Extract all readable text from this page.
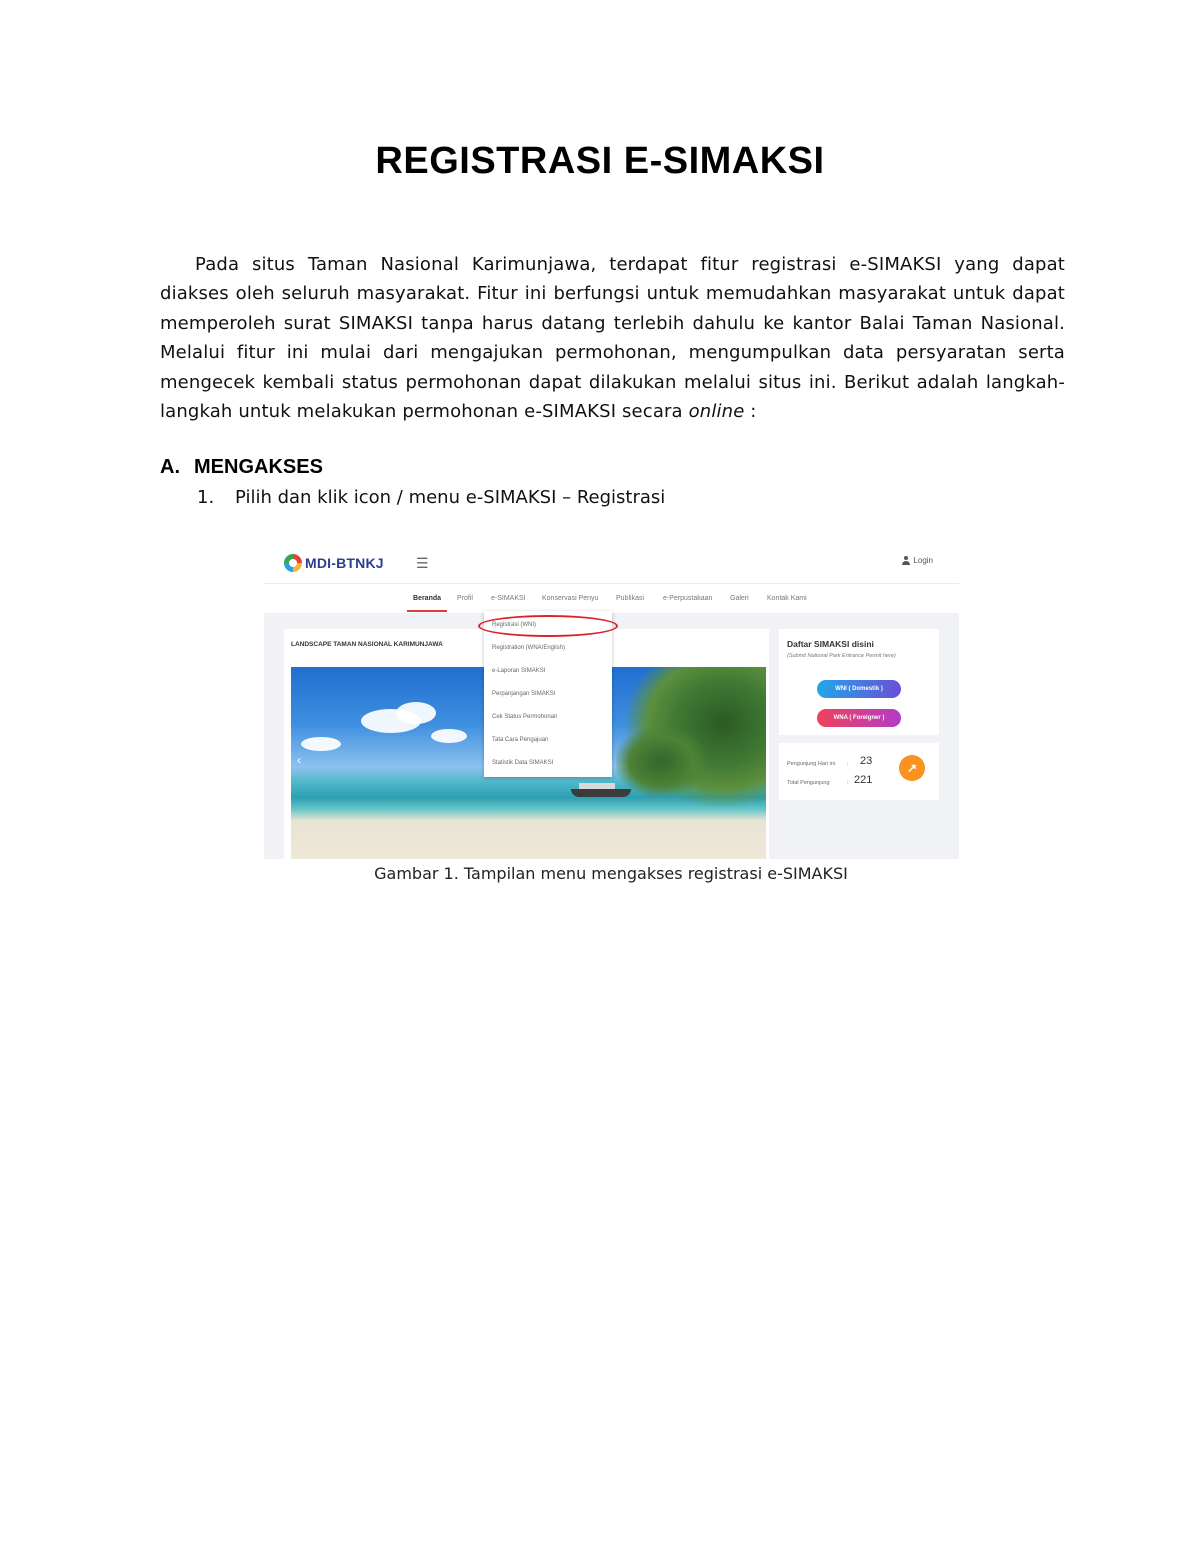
REGISTRASI E-SIMAKSI

Pada situs Taman Nasional Karimunjawa, terdapat fitur registrasi e-SIMAKSI yang dapat diakses oleh seluruh masyarakat. Fitur ini berfungsi untuk memudahkan masyarakat untuk dapat memperoleh surat SIMAKSI tanpa harus datang terlebih dahulu ke kantor Balai Taman Nasional. Melalui fitur ini mulai dari mengajukan permohonan, mengumpulkan data persyaratan serta mengecek kembali status permohonan dapat dilakukan melalui situs ini. Berikut adalah langkah-langkah untuk melakukan permohonan e-SIMAKSI secara online :

A. MENGAKSES
1. Pilih dan klik icon / menu e-SIMAKSI – Registrasi
MDI-BTNKJ ☰	Login
Beranda Profil	e-SIMAKSI Konservasi Penyu	Publikasi	e-Perpustakaan	Galeri	Kontak Kami
LANDSCAPE TAMAN NASIONAL KARIMUNJAWA
‹
Registrasi (WNI)
Registration (WNA/English)
e-Laporan SIMAKSI
Perpanjangan SIMAKSI
Cek Status Permohonan
Tata Cara Pengajuan
Statistik Data SIMAKSI
Daftar SIMAKSI disini
(Submit National Park Entrance Permit here)
WNI ( Domestik )
WNA ( Foreigner )
Pengunjung Hari ini : 23
Total Pengunjung	: 221
↗

Gambar 1. Tampilan menu mengakses registrasi e-SIMAKSI
